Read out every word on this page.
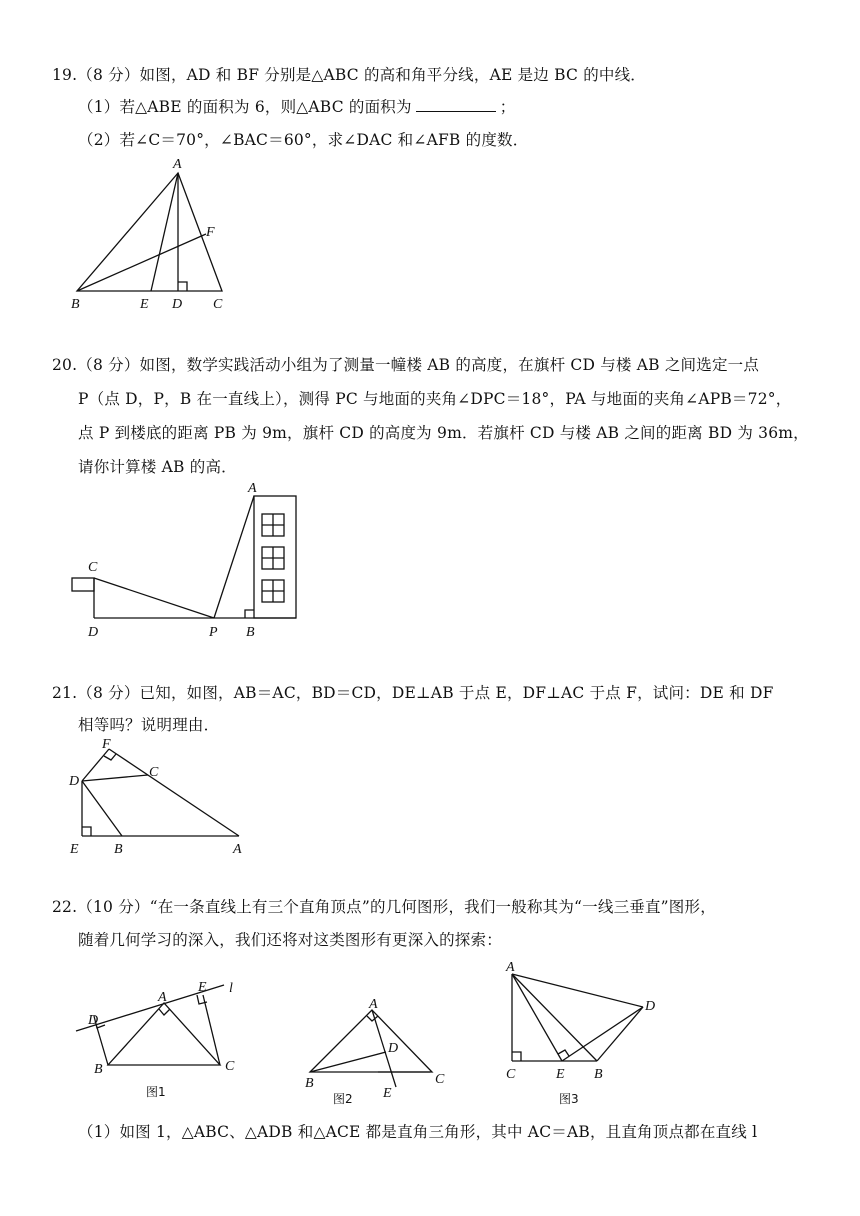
19.（8 分）如图，AD 和 BF 分别是△ABC 的高和角平分线，AE 是边 BC 的中线．
（1）若△ABE 的面积为 6，则△ABC 的面积为	；
（2）若∠C＝70°，∠BAC＝60°，求∠DAC 和∠AFB 的度数．
A
F
B	E D C
20.（8 分）如图，数学实践活动小组为了测量一幢楼 AB 的高度，在旗杆 CD 与楼 AB 之间选定一点
P（点 D，P，B 在一直线上），测得 PC 与地面的夹角∠DPC＝18°，PA 与地面的夹角∠APB＝72°，
点 P 到楼底的距离 PB 为 9m，旗杆 CD 的高度为 9m．若旗杆 CD 与楼 AB 之间的距离 BD 为 36m，
请你计算楼 AB 的高．
A
C
D	P B
21.（8 分）已知，如图，AB＝AC，BD＝CD，DE⊥AB 于点 E，DF⊥AC 于点 F，试问：DE 和 DF
相等吗？说明理由．
F
D
C
E	B	A
22.（10 分）“在一条直线上有三个直角顶点”的几何图形，我们一般称其为“一线三垂直”图形，
随着几何学习的深入，我们还将对这类图形有更深入的探索：
A
E l
D
B	C
图1
A
D
B
E
C
图2
A
D
C	E B
图3
（1）如图 1，△ABC、△ADB 和△ACE 都是直角三角形，其中 AC＝AB，且直角顶点都在直线 l
